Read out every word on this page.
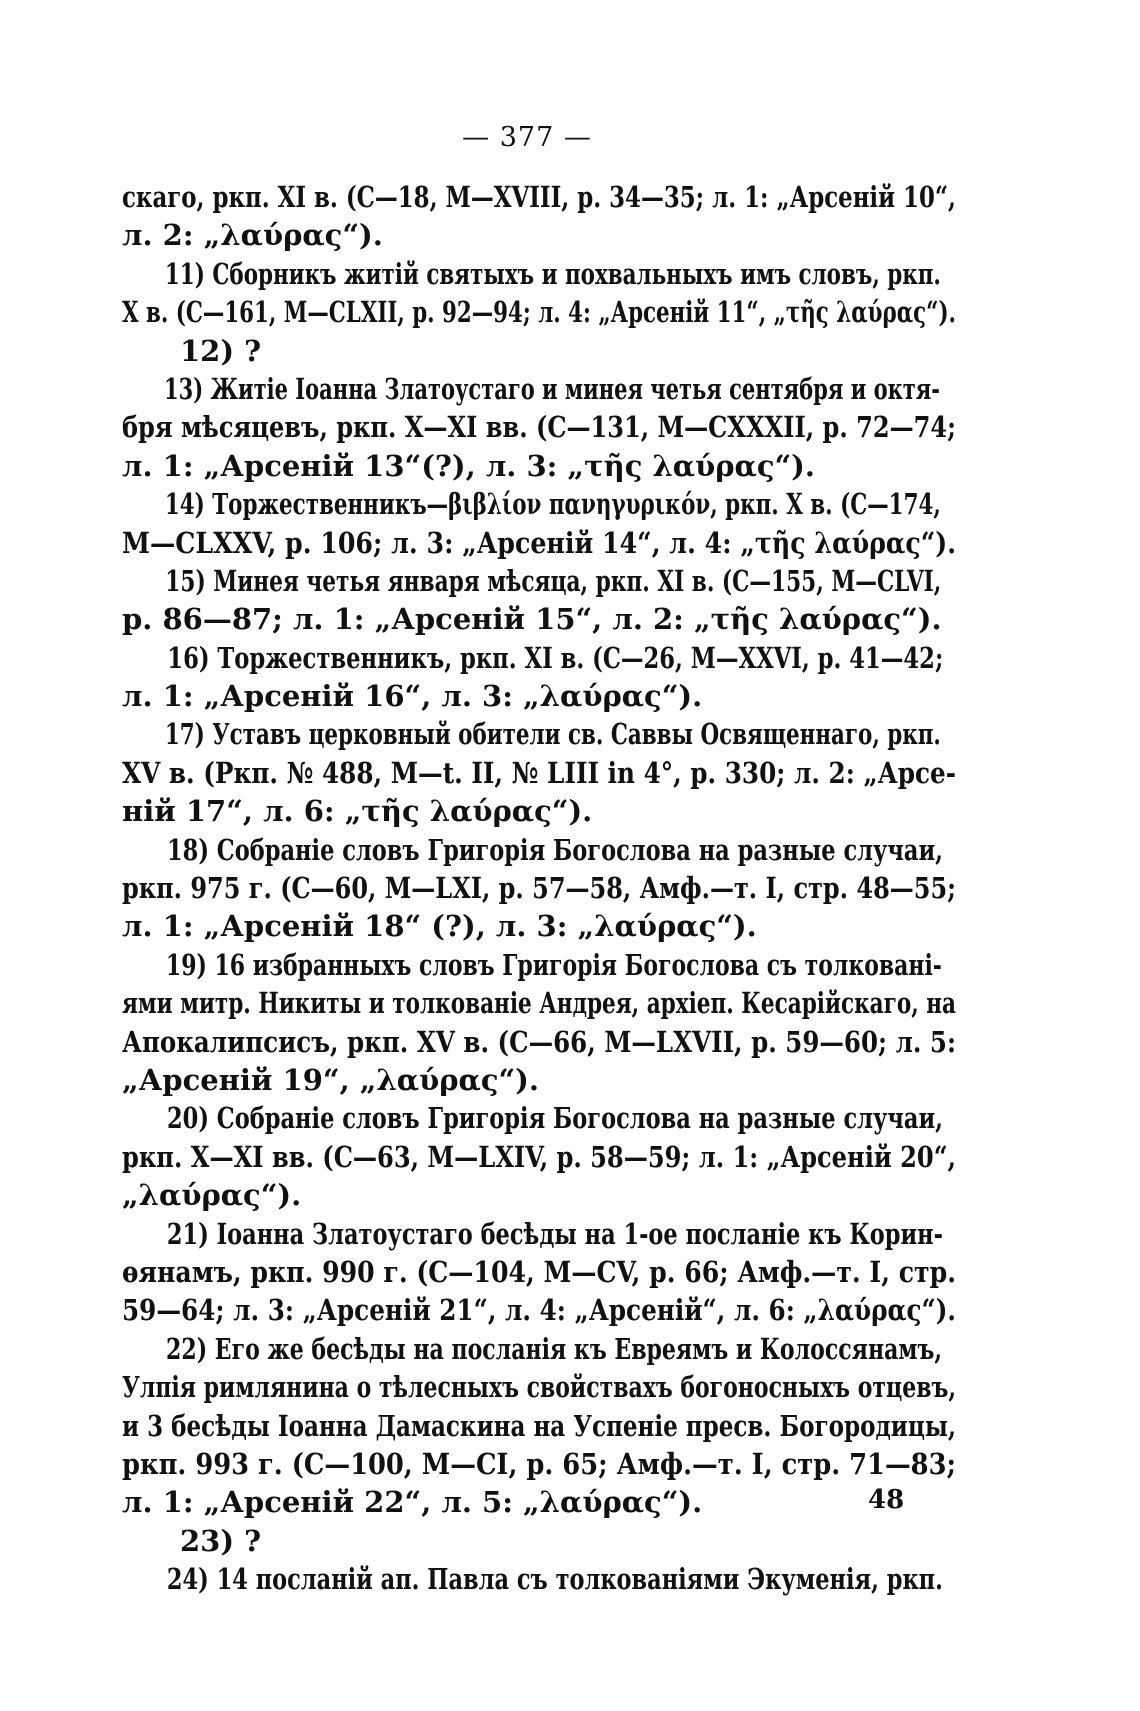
— 377 —
скаго, ркп. XI в. (С—18, М—XVIII, р. 34—35; л. 1: „Арсеній 10“,
л. 2: „λαύρας“).
11) Сборникъ житій святыхъ и похвальныхъ имъ словъ, ркп.
X в. (С—161, М—CLXII, р. 92—94; л. 4: „Арсеній 11“, „τῆς λαύρας“).
12) ?
13) Житіе Іоанна Златоустаго и минея четья сентября и октя-
бря мѣсяцевъ, ркп. X—XI вв. (С—131, М—CXXXII, р. 72—74;
л. 1: „Арсеній 13“(?), л. 3: „τῆς λαύρας“).
14) Торжественникъ—βιβλίον πανηγυρικόν, ркп. X в. (С—174,
М—CLXXV, р. 106; л. 3: „Арсеній 14“, л. 4: „τῆς λαύρας“).
15) Минея четья января мѣсяца, ркп. XI в. (С—155, М—CLVI,
р. 86—87; л. 1: „Арсеній 15“, л. 2: „τῆς λαύρας“).
16) Торжественникъ, ркп. XI в. (С—26, М—XXVI, р. 41—42;
л. 1: „Арсеній 16“, л. 3: „λαύρας“).
17) Уставъ церковный обители св. Саввы Освященнаго, ркп.
XV в. (Ркп. № 488, М—t. II, № LIII in 4°, р. 330; л. 2: „Арсе-
ній 17“, л. 6: „τῆς λαύρας“).
18) Собраніе словъ Григорія Богослова на разные случаи,
ркп. 975 г. (С—60, М—LXI, р. 57—58, Амф.—т. I, стр. 48—55;
л. 1: „Арсеній 18“ (?), л. 3: „λαύρας“).
19) 16 избранныхъ словъ Григорія Богослова съ толковані-
ями митр. Никиты и толкованіе Андрея, архіеп. Кесарійскаго, на
Апокалипсисъ, ркп. XV в. (С—66, М—LXVII, р. 59—60; л. 5:
„Арсеній 19“, „λαύρας“).
20) Собраніе словъ Григорія Богослова на разные случаи,
ркп. X—XI вв. (С—63, М—LXIV, р. 58—59; л. 1: „Арсеній 20“,
„λαύρας“).
21) Іоанна Златоустаго бесѣды на 1-ое посланіе къ Корин-
ѳянамъ, ркп. 990 г. (С—104, М—CV, р. 66; Амф.—т. I, стр.
59—64; л. 3: „Арсеній 21“, л. 4: „Арсеній“, л. 6: „λαύρας“).
22) Его же бесѣды на посланія къ Евреямъ и Колоссянамъ,
Улпія римлянина о тѣлесныхъ свойствахъ богоносныхъ отцевъ,
и 3 бесѣды Іоанна Дамаскина на Успеніе пресв. Богородицы,
ркп. 993 г. (С—100, М—CI, р. 65; Амф.—т. I, стр. 71—83;
л. 1: „Арсеній 22“, л. 5: „λαύρας“).
23) ?
24) 14 посланій ап. Павла съ толкованіями Экуменія, ркп.
48
